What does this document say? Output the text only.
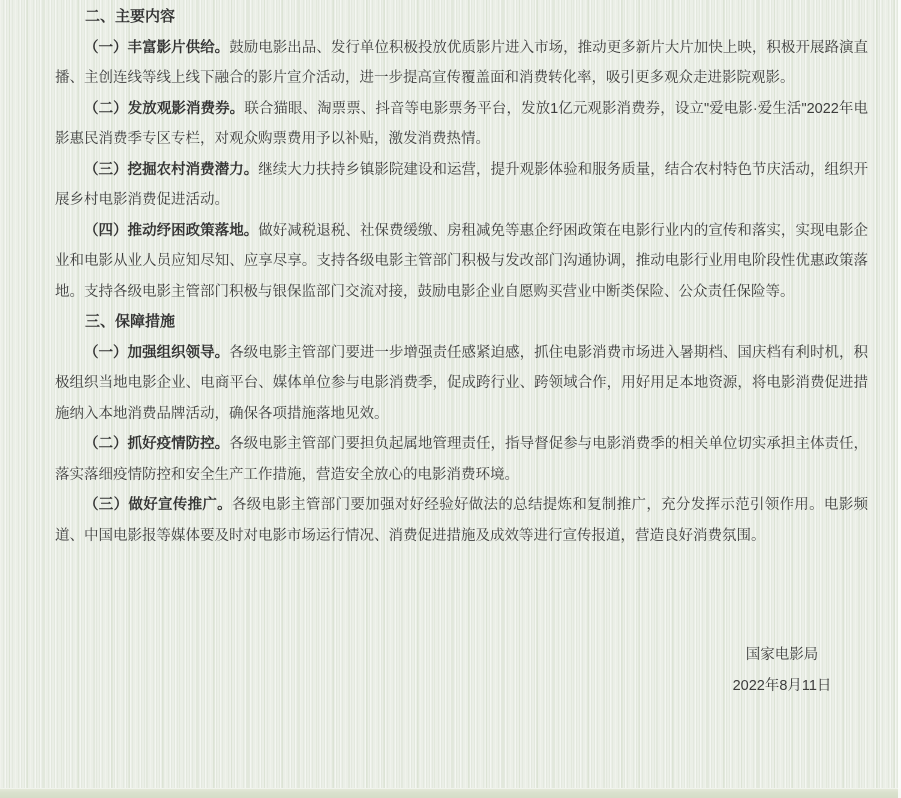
二、主要内容

（一）丰富影片供给。鼓励电影出品、发行单位积极投放优质影片进入市场，推动更多新片大片加快上映，积极开展路演直播、主创连线等线上线下融合的影片宣介活动，进一步提高宣传覆盖面和消费转化率，吸引更多观众走进影院观影。

（二）发放观影消费券。联合猫眼、淘票票、抖音等电影票务平台，发放1亿元观影消费券，设立"爱电影·爱生活"2022年电影惠民消费季专区专栏，对观众购票费用予以补贴，激发消费热情。

（三）挖掘农村消费潜力。继续大力扶持乡镇影院建设和运营，提升观影体验和服务质量，结合农村特色节庆活动，组织开展乡村电影消费促进活动。

（四）推动纾困政策落地。做好减税退税、社保费缓缴、房租减免等惠企纾困政策在电影行业内的宣传和落实，实现电影企业和电影从业人员应知尽知、应享尽享。支持各级电影主管部门积极与发改部门沟通协调，推动电影行业用电阶段性优惠政策落地。支持各级电影主管部门积极与银保监部门交流对接，鼓励电影企业自愿购买营业中断类保险、公众责任保险等。

三、保障措施

（一）加强组织领导。各级电影主管部门要进一步增强责任感紧迫感，抓住电影消费市场进入暑期档、国庆档有利时机，积极组织当地电影企业、电商平台、媒体单位参与电影消费季，促成跨行业、跨领域合作，用好用足本地资源，将电影消费促进措施纳入本地消费品牌活动，确保各项措施落地见效。

（二）抓好疫情防控。各级电影主管部门要担负起属地管理责任，指导督促参与电影消费季的相关单位切实承担主体责任，落实落细疫情防控和安全生产工作措施，营造安全放心的电影消费环境。

（三）做好宣传推广。各级电影主管部门要加强对好经验好做法的总结提炼和复制推广，充分发挥示范引领作用。电影频道、中国电影报等媒体要及时对电影市场运行情况、消费促进措施及成效等进行宣传报道，营造良好消费氛围。

国家电影局
2022年8月11日
